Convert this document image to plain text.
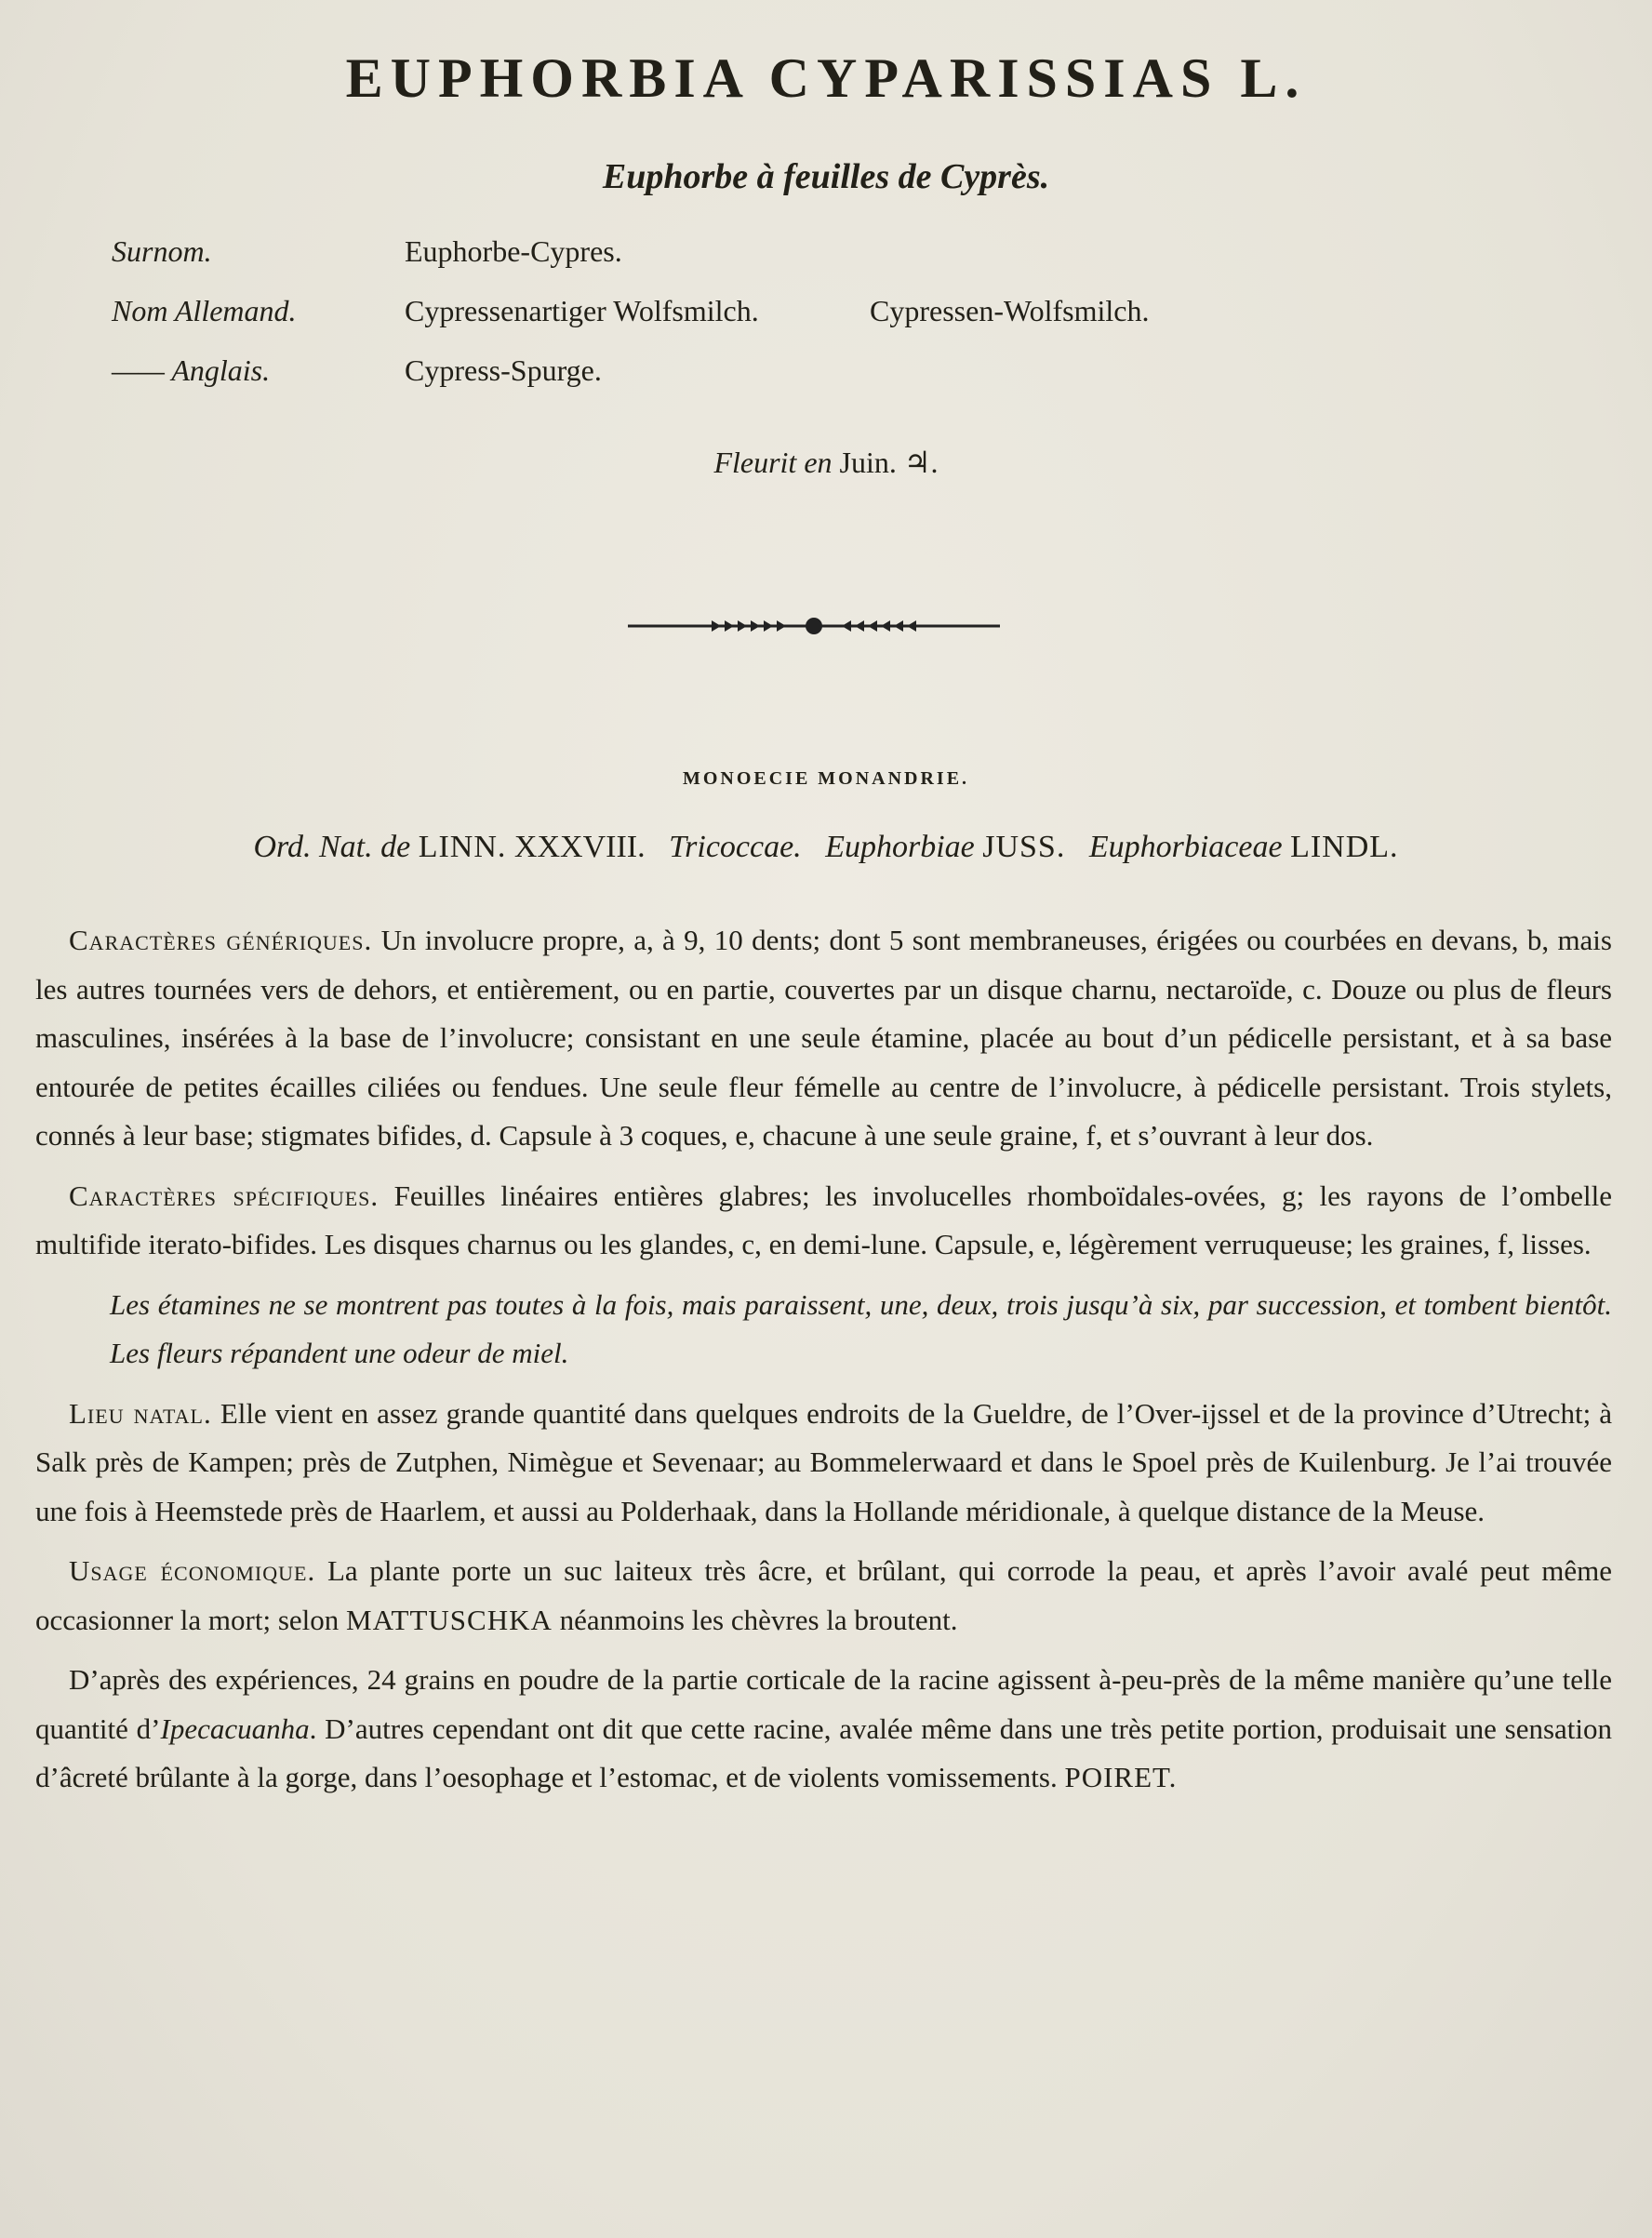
EUPHORBIA CYPARISSIAS L.
Euphorbe à feuilles de Cyprès.
Surnom.	Euphorbe-Cypres.
Nom Allemand.	Cypressenartiger Wolfsmilch.	Cypressen-Wolfsmilch.
—— Anglais.	Cypress-Spurge.
Fleurit en Juin. ♃.
MONOECIE MONANDRIE.
Ord. Nat. de LINN. XXXVIII. Tricoccae. Euphorbiae JUSS. Euphorbiaceae LINDL.

Caractères génériques. Un involucre propre, a, à 9, 10 dents; dont 5 sont membraneuses, érigées ou courbées en devans, b, mais les autres tournées vers de dehors, et entièrement, ou en partie, couvertes par un disque charnu, nectaroïde, c. Douze ou plus de fleurs masculines, insérées à la base de l’involucre; consistant en une seule étamine, placée au bout d’un pédicelle persistant, et à sa base entourée de petites écailles ciliées ou fendues. Une seule fleur fémelle au centre de l’involucre, à pédicelle persistant. Trois stylets, connés à leur base; stigmates bifides, d. Capsule à 3 coques, e, chacune à une seule graine, f, et s’ouvrant à leur dos.

Caractères spécifiques. Feuilles linéaires entières glabres; les involucelles rhomboïdales-ovées, g; les rayons de l’ombelle multifide iterato-bifides. Les disques charnus ou les glandes, c, en demi-lune. Capsule, e, légèrement verruqueuse; les graines, f, lisses.

Les étamines ne se montrent pas toutes à la fois, mais paraissent, une, deux, trois jusqu’à six, par succession, et tombent bientôt. Les fleurs répandent une odeur de miel.

Lieu natal. Elle vient en assez grande quantité dans quelques endroits de la Gueldre, de l’Over-ijssel et de la province d’Utrecht; à Salk près de Kampen; près de Zutphen, Nimègue et Sevenaar; au Bommelerwaard et dans le Spoel près de Kuilenburg. Je l’ai trouvée une fois à Heemstede près de Haarlem, et aussi au Polderhaak, dans la Hollande méridionale, à quelque distance de la Meuse.

Usage économique. La plante porte un suc laiteux très âcre, et brûlant, qui corrode la peau, et après l’avoir avalé peut même occasionner la mort; selon MATTUSCHKA néanmoins les chèvres la broutent.

D’après des expériences, 24 grains en poudre de la partie corticale de la racine agissent à-peu-près de la même manière qu’une telle quantité d’Ipecacuanha. D’autres cependant ont dit que cette racine, avalée même dans une très petite portion, produisait une sensation d’âcreté brûlante à la gorge, dans l’oesophage et l’estomac, et de violents vomissements. POIRET.
